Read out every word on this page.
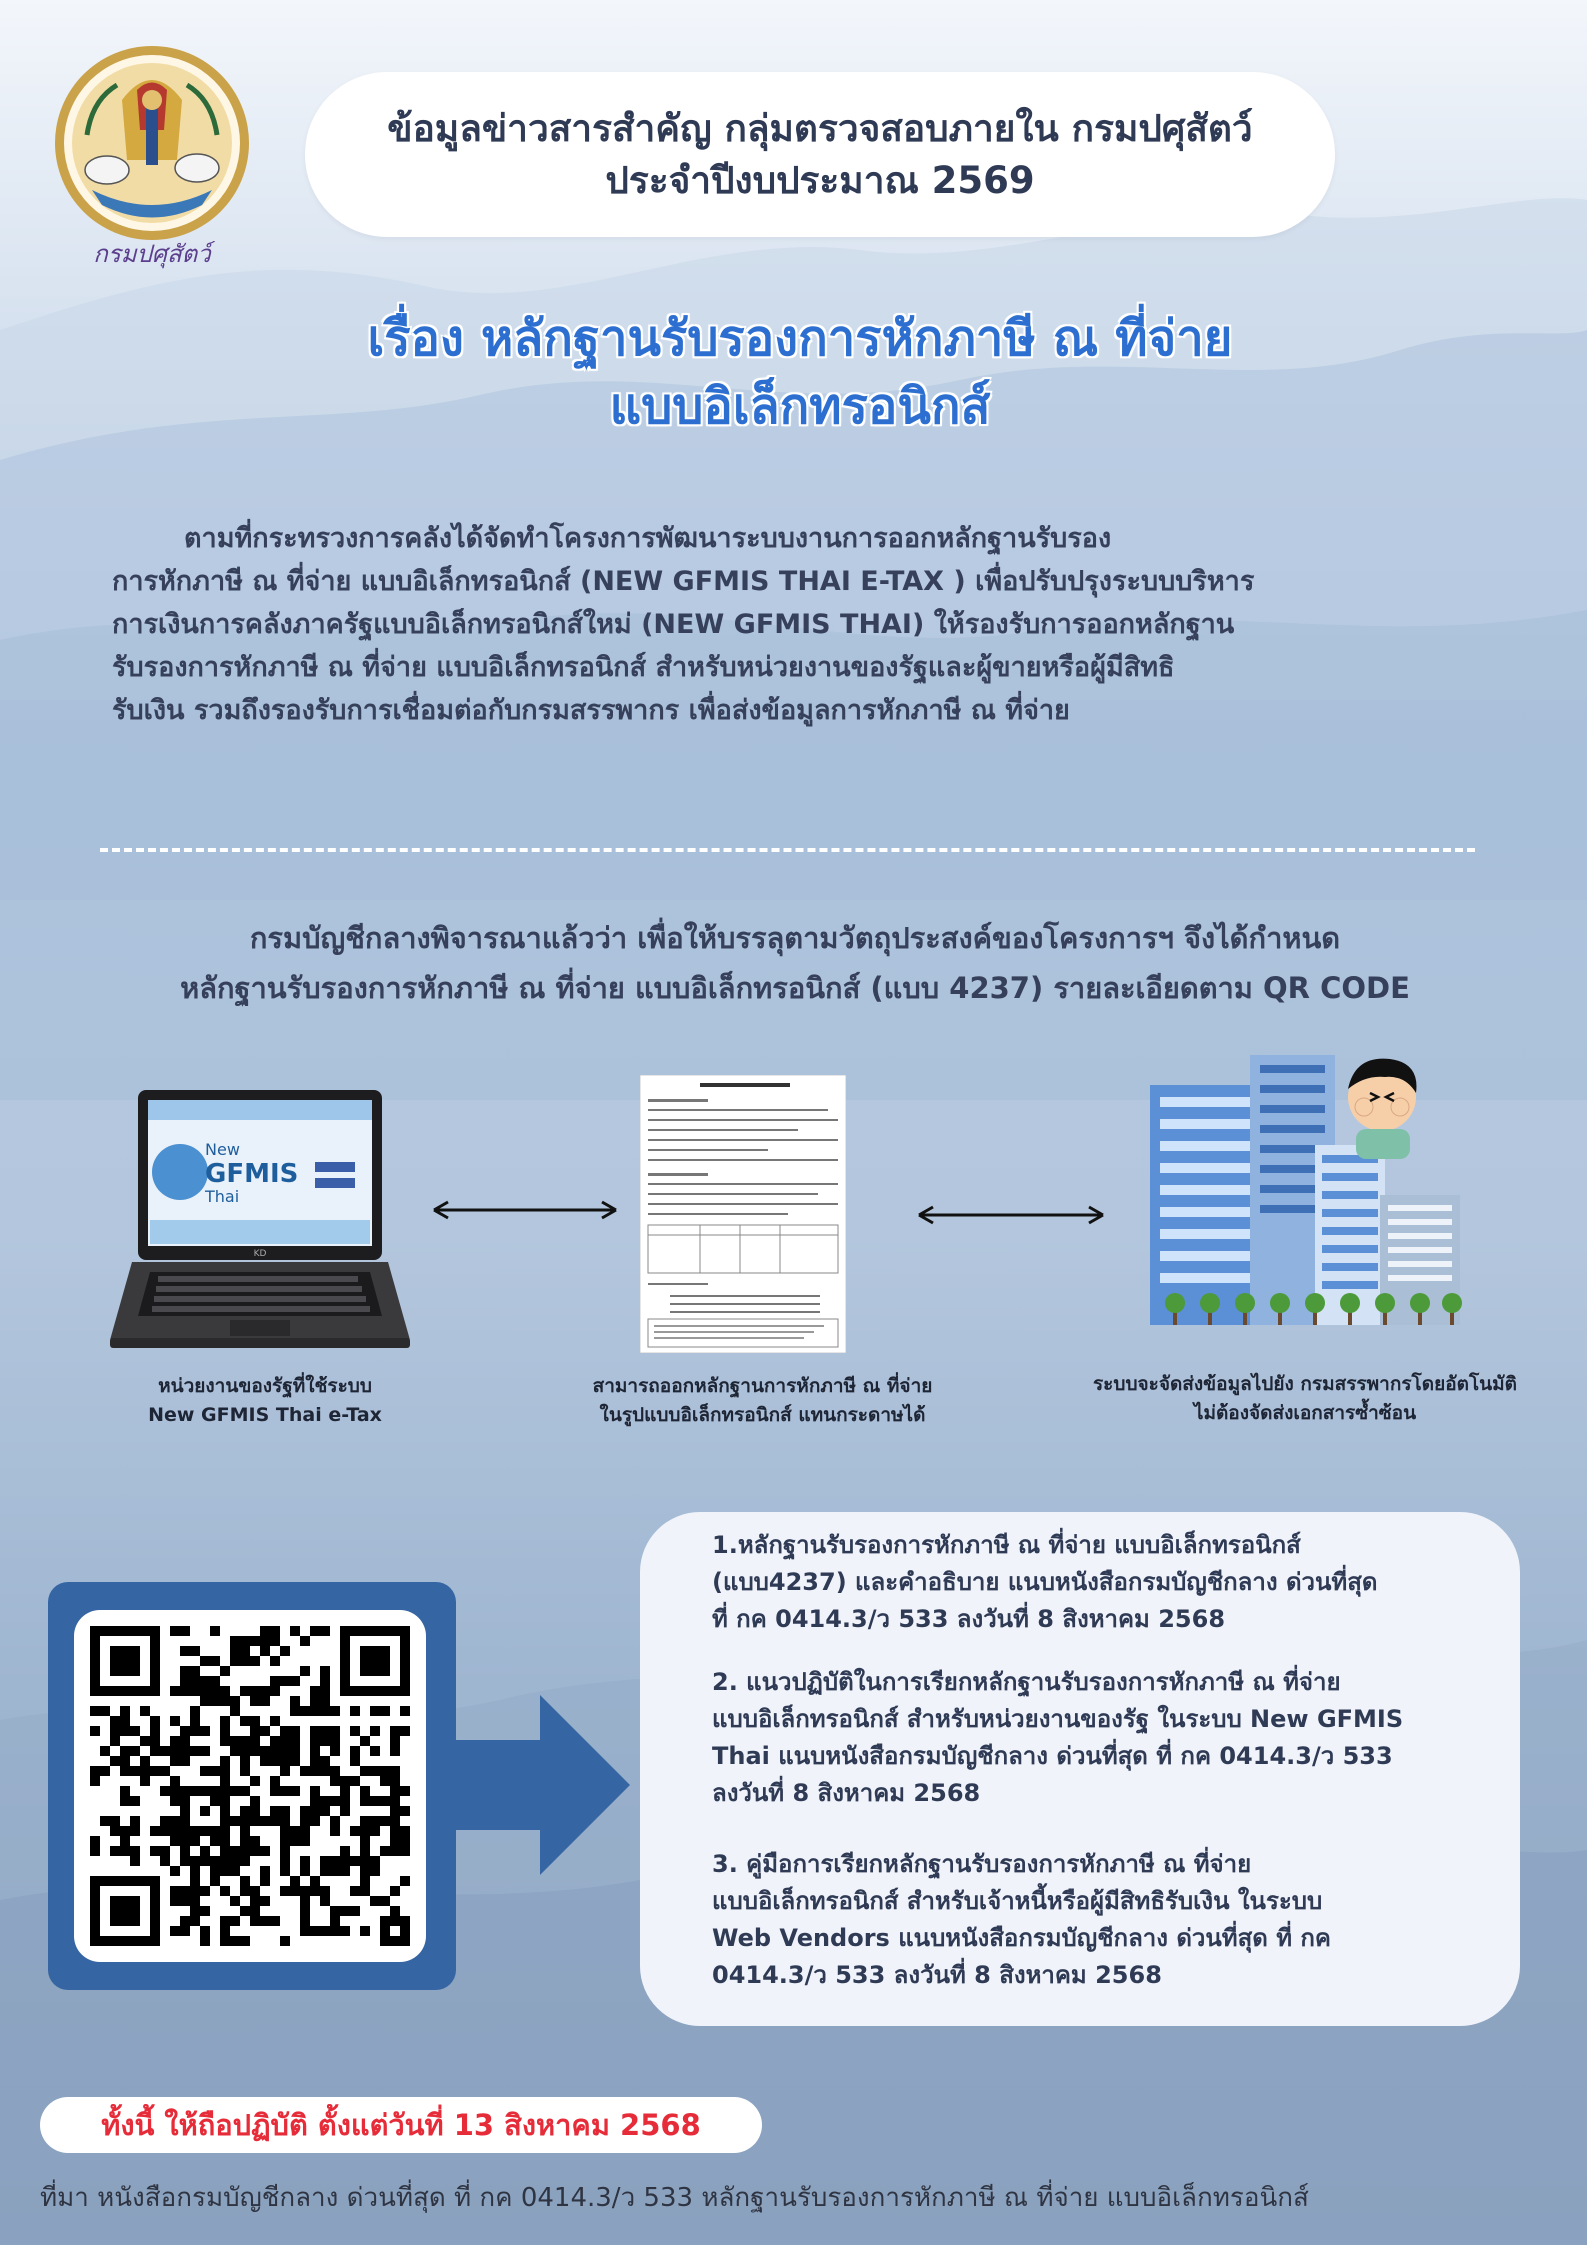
กรมปศุสัตว์
ข้อมูลข่าวสารสำคัญ กลุ่มตรวจสอบภายใน กรมปศุสัตว์
ประจำปีงบประมาณ 2569
เรื่อง หลักฐานรับรองการหักภาษี ณ ที่จ่าย
แบบอิเล็กทรอนิกส์
ตามที่กระทรวงการคลังได้จัดทำโครงการพัฒนาระบบงานการออกหลักฐานรับรอง
การหักภาษี ณ ที่จ่าย แบบอิเล็กทรอนิกส์ (NEW GFMIS THAI E-TAX ) เพื่อปรับปรุงระบบบริหาร
การเงินการคลังภาครัฐแบบอิเล็กทรอนิกส์ใหม่ (NEW GFMIS THAI) ให้รองรับการออกหลักฐาน
รับรองการหักภาษี ณ ที่จ่าย แบบอิเล็กทรอนิกส์ สำหรับหน่วยงานของรัฐและผู้ขายหรือผู้มีสิทธิ
รับเงิน รวมถึงรองรับการเชื่อมต่อกับกรมสรรพากร เพื่อส่งข้อมูลการหักภาษี ณ ที่จ่าย
กรมบัญชีกลางพิจารณาแล้วว่า เพื่อให้บรรลุตามวัตถุประสงค์ของโครงการฯ จึงได้กำหนด
หลักฐานรับรองการหักภาษี ณ ที่จ่าย แบบอิเล็กทรอนิกส์ (แบบ 4237) รายละเอียดตาม QR CODE
New
GFMIS
Thai
KD
หน่วยงานของรัฐที่ใช้ระบบ
New GFMIS Thai e-Tax
สามารถออกหลักฐานการหักภาษี ณ ที่จ่าย
ในรูปแบบอิเล็กทรอนิกส์ แทนกระดาษได้
ระบบจะจัดส่งข้อมูลไปยัง กรมสรรพากรโดยอัตโนมัติ
ไม่ต้องจัดส่งเอกสารซ้ำซ้อน
1.หลักฐานรับรองการหักภาษี ณ ที่จ่าย แบบอิเล็กทรอนิกส์
(แบบ4237) และคำอธิบาย แนบหนังสือกรมบัญชีกลาง ด่วนที่สุด
ที่ กค 0414.3/ว 533 ลงวันที่ 8 สิงหาคม 2568
2. แนวปฏิบัติในการเรียกหลักฐานรับรองการหักภาษี ณ ที่จ่าย
แบบอิเล็กทรอนิกส์ สำหรับหน่วยงานของรัฐ ในระบบ New GFMIS
Thai แนบหนังสือกรมบัญชีกลาง ด่วนที่สุด ที่ กค 0414.3/ว 533
ลงวันที่ 8 สิงหาคม 2568
3. คู่มือการเรียกหลักฐานรับรองการหักภาษี ณ ที่จ่าย
แบบอิเล็กทรอนิกส์ สำหรับเจ้าหนี้หรือผู้มีสิทธิรับเงิน ในระบบ
Web Vendors แนบหนังสือกรมบัญชีกลาง ด่วนที่สุด ที่ กค
0414.3/ว 533 ลงวันที่ 8 สิงหาคม 2568
ทั้งนี้ ให้ถือปฏิบัติ ตั้งแต่วันที่ 13 สิงหาคม 2568
ที่มา หนังสือกรมบัญชีกลาง ด่วนที่สุด ที่ กค 0414.3/ว 533 หลักฐานรับรองการหักภาษี ณ ที่จ่าย แบบอิเล็กทรอนิกส์
